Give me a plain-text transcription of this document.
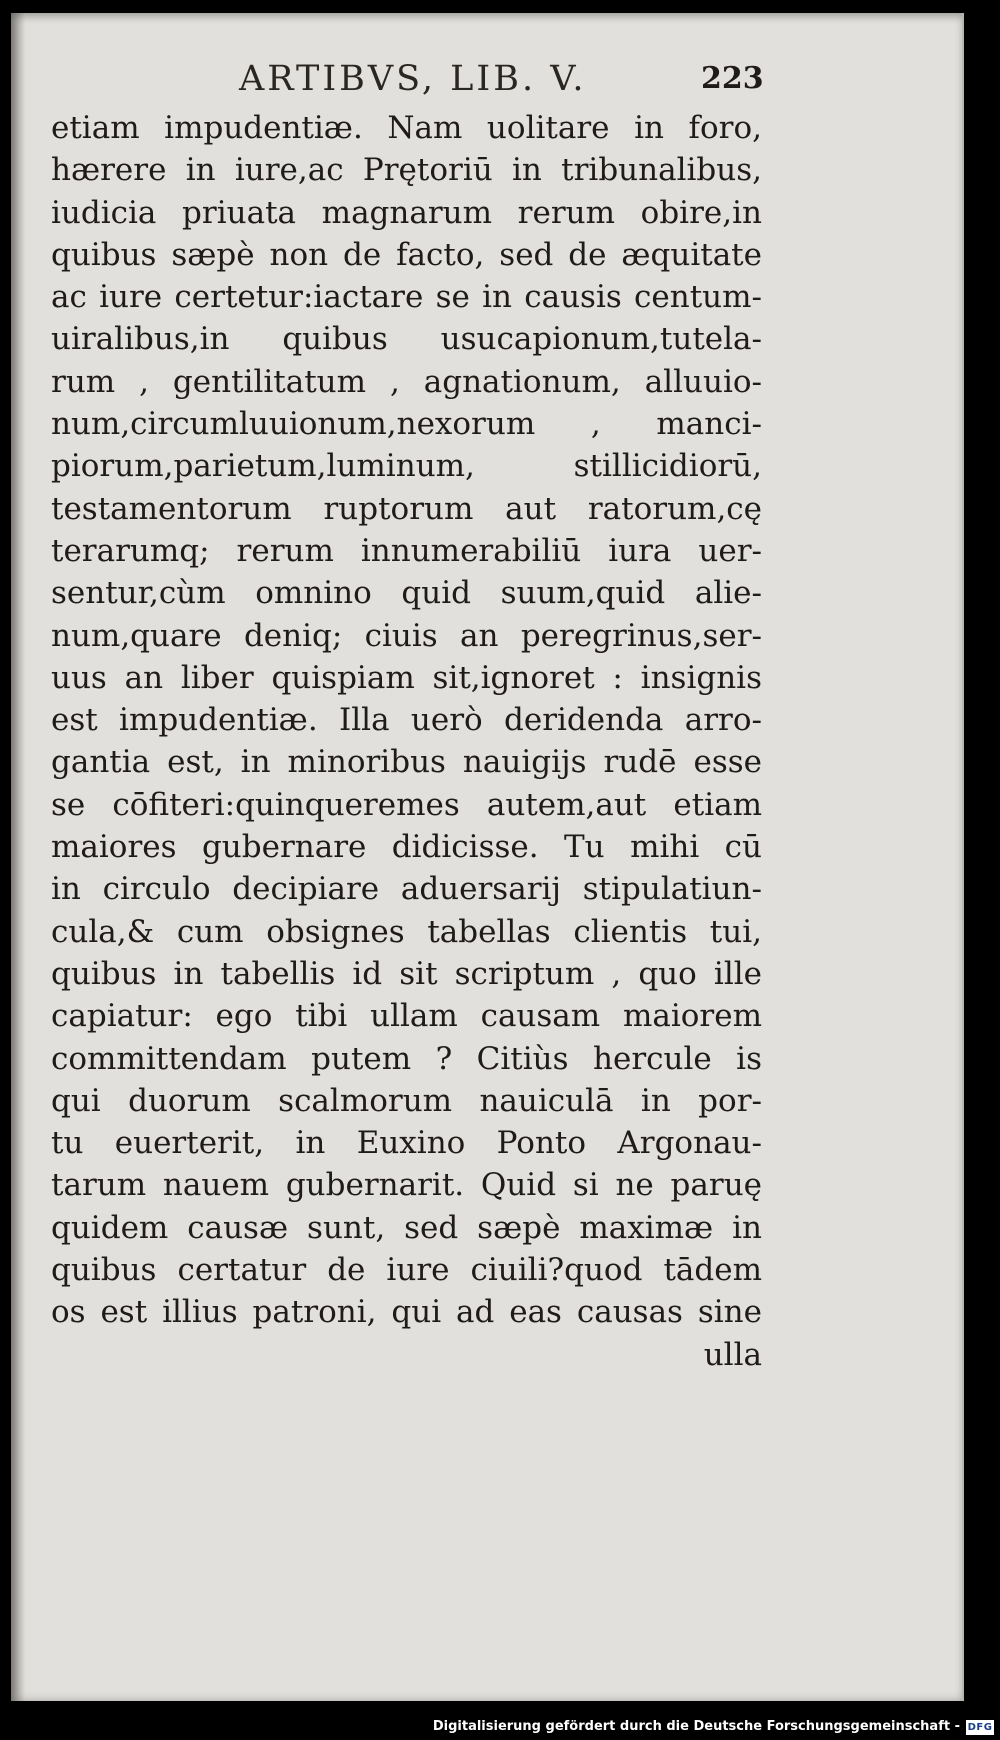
ARTIBVS, LIB. V.	223
etiam impudentiæ. Nam uolitare in foro,
hærere in iure,ac Prętoriū in tribunalibus,
iudicia priuata magnarum rerum obire,in
quibus sæpè non de facto, sed de æquitate
ac iure certetur:iactare se in causis centum-
uiralibus,in quibus usucapionum,tutela-
rum , gentilitatum , agnationum, alluuio-
num,circumluuionum,nexorum , manci-
piorum,parietum,luminum, stillicidiorū,
testamentorum ruptorum aut ratorum,cę
terarumq; rerum innumerabiliū iura uer-
sentur,cùm omnino quid suum,quid alie-
num,quare deniq; ciuis an peregrinus,ser-
uus an liber quispiam sit,ignoret : insignis
est impudentiæ. Illa uerò deridenda arro-
gantia est, in minoribus nauigijs rudē esse
se cōfiteri:quinqueremes autem,aut etiam
maiores gubernare didicisse. Tu mihi cū
in circulo decipiare aduersarij stipulatiun-
cula,& cum obsignes tabellas clientis tui,
quibus in tabellis id sit scriptum , quo ille
capiatur: ego tibi ullam causam maiorem
committendam putem ? Citiùs hercule is
qui duorum scalmorum nauiculā in por-
tu euerterit, in Euxino Ponto Argonau-
tarum nauem gubernarit. Quid si ne paruę
quidem causæ sunt, sed sæpè maximæ in
quibus certatur de iure ciuili?quod tādem
os est illius patroni, qui ad eas causas sine
ulla
Digitalisierung gefördert durch die Deutsche Forschungsgemeinschaft - DFG
